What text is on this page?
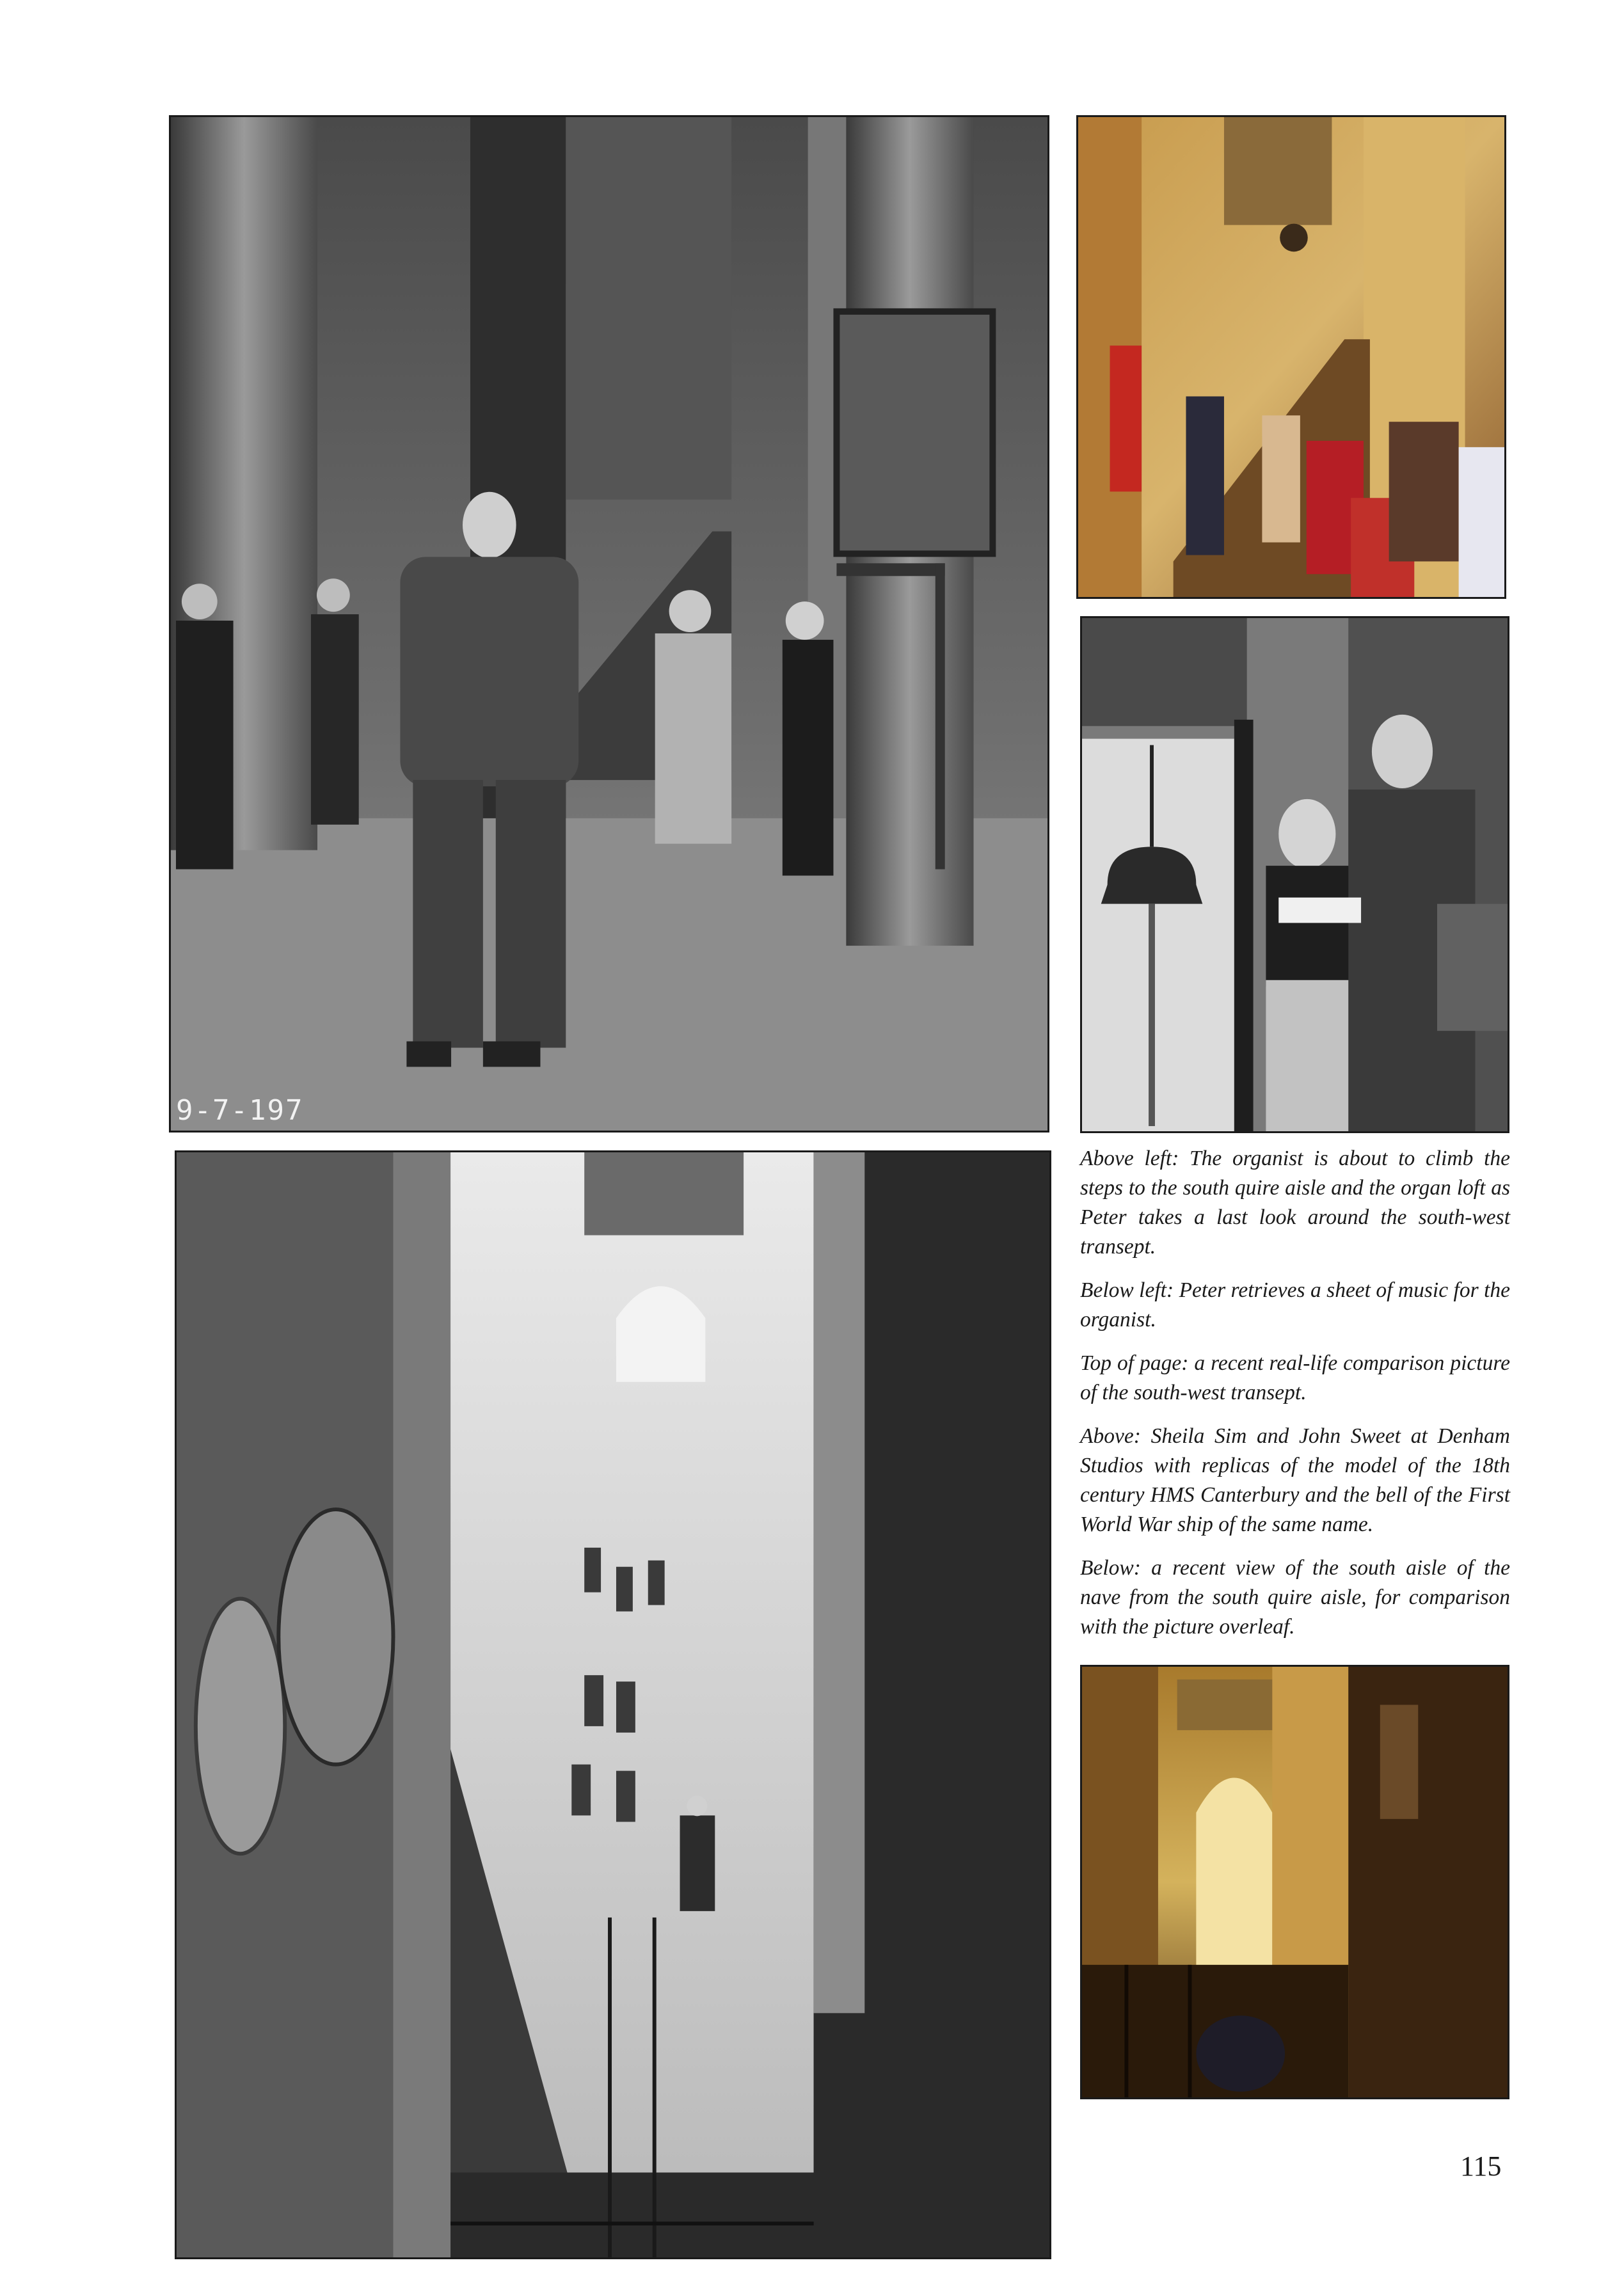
9-7-197

Above left: The organist is about to climb the steps to the south quire aisle and the organ loft as Peter takes a last look around the south-west transept.

Below left: Peter retrieves a sheet of music for the organist.

Top of page: a recent real-life comparison picture of the south-west transept.

Above: Sheila Sim and John Sweet at Denham Studios with replicas of the model of the 18th century HMS Canterbury and the bell of the First World War ship of the same name.

Below: a recent view of the south aisle of the nave from the south quire aisle, for comparison with the picture overleaf.

115
